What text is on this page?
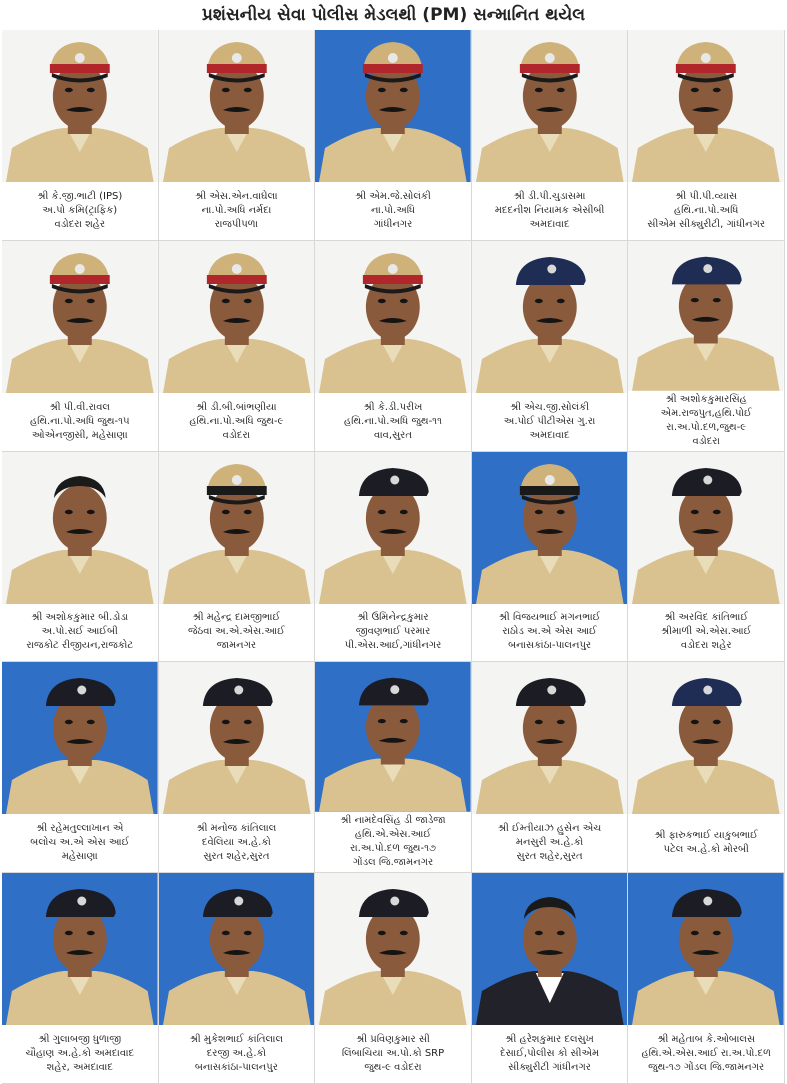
પ્રશંસનીય સેવા પોલીસ મેડલથી (PM) સન્માનિત થયેલ
શ્રી કે.જી.ભાટી (IPS)
અ.પો કમિ(ટ્રાફિક)
વડોદરા શહેર
શ્રી એસ.એન.વાઘેલા
ના.પો.અધિ નર્મદા
રાજપીપળા
શ્રી એમ.જે.સોલંકી
ના.પો.અધિ
ગાંધીનગર
શ્રી ડી.પી.ચુડાસમા
મદદનીશ નિયામક એસીબી
અમદાવાદ
શ્રી પી.પી.વ્યાસ
હથિ.ના.પો.અધિ
સીએમ સીક્યુરીટી, ગાંધીનગર
શ્રી પી.વી.રાવલ
હથિ.ના.પો.અધિ જુથ-૧૫
ઓએનજીસી, મહેસાણા
શ્રી ડી.બી.બાંભણીયા
હથિ.ના.પો.અધિ જુથ-૯
વડોદરા
શ્રી કે.ડી.પરીખ
હથિ.ના.પો.અધિ જુથ-૧૧
વાવ,સુરત
શ્રી એચ.જી.સોલંકી
અ.પોઈ પીટીએસ ગુ.રા
અમદાવાદ
શ્રી અશોકકુમારસિંહ
એમ.રાજપુત,હથિ.પોઈ
રા.અ.પો.દળ,જુથ-૯
વડોદરા
શ્રી અશોકકુમાર બી.ડોડા
અ.પો.સઈ આઈબી
રાજકોટ રીજીયન,રાજકોટ
શ્રી મહેન્દ્ર દામજીભાઈ
જેઠવા અ.એ.એસ.આઈ
જામનગર
શ્રી ઉમિનેન્દ્રકુમાર
જીવણભાઈ પરમાર
પી.એસ.આઈ,ગાંધીનગર
શ્રી વિજયભાઈ મગનભાઈ
રાઠોડ અ.એ એસ આઈ
બનાસકાંઠા-પાલનપુર
શ્રી અરવિંદ કાંતિભાઈ
શ્રીમાળી એ.એસ.આઈ
વડોદરા શહેર
શ્રી રહેમતુલ્લાખાન એ
બલોચ અ.એ એસ આઈ
મહેસાણા
શ્રી મનોજ કાંતિલાલ
દવેલિયા અ.હે.કો
સુરત શહેર,સુરત
શ્રી નામદેવસિંહ ડી જાડેજા
હથિ.એ.એસ.આઈ
રા.અ.પો.દળ જુથ-૧૭
ગોંડલ જિ.જામનગર
શ્રી ઈમ્તીયાઝ હુસેન એચ
મનસુરી અ.હે.કો
સુરત શહેર,સુરત
શ્રી ફારુકભાઈ યાકુબભાઈ
પટેલ અ.હે.કો મોરબી
શ્રી ગુલાબજી ધુળાજી
ચૌહાણ અ.હે.કો અમદાવાદ
શહેર, અમદાવાદ
શ્રી મુકેશભાઈ કાંતિલાલ
દરજી અ.હે.કો
બનાસકાંઠા-પાલનપુર
શ્રી પ્રવિણકુમાર સી
લિંબાચિયા અ.પો.કો SRP
જુથ-૯ વડોદરા
શ્રી હરેશકુમાર દલસુખ
દેસાઈ,પોલીસ કો સીએમ
સીક્યુરીટી ગાંધીનગર
શ્રી મહેતાબ કે.ઓબાલસ
હથિ.એ.એસ.આઈ રા.અ.પો.દળ
જુથ-૧૭ ગોંડલ જિ.જામનગર
